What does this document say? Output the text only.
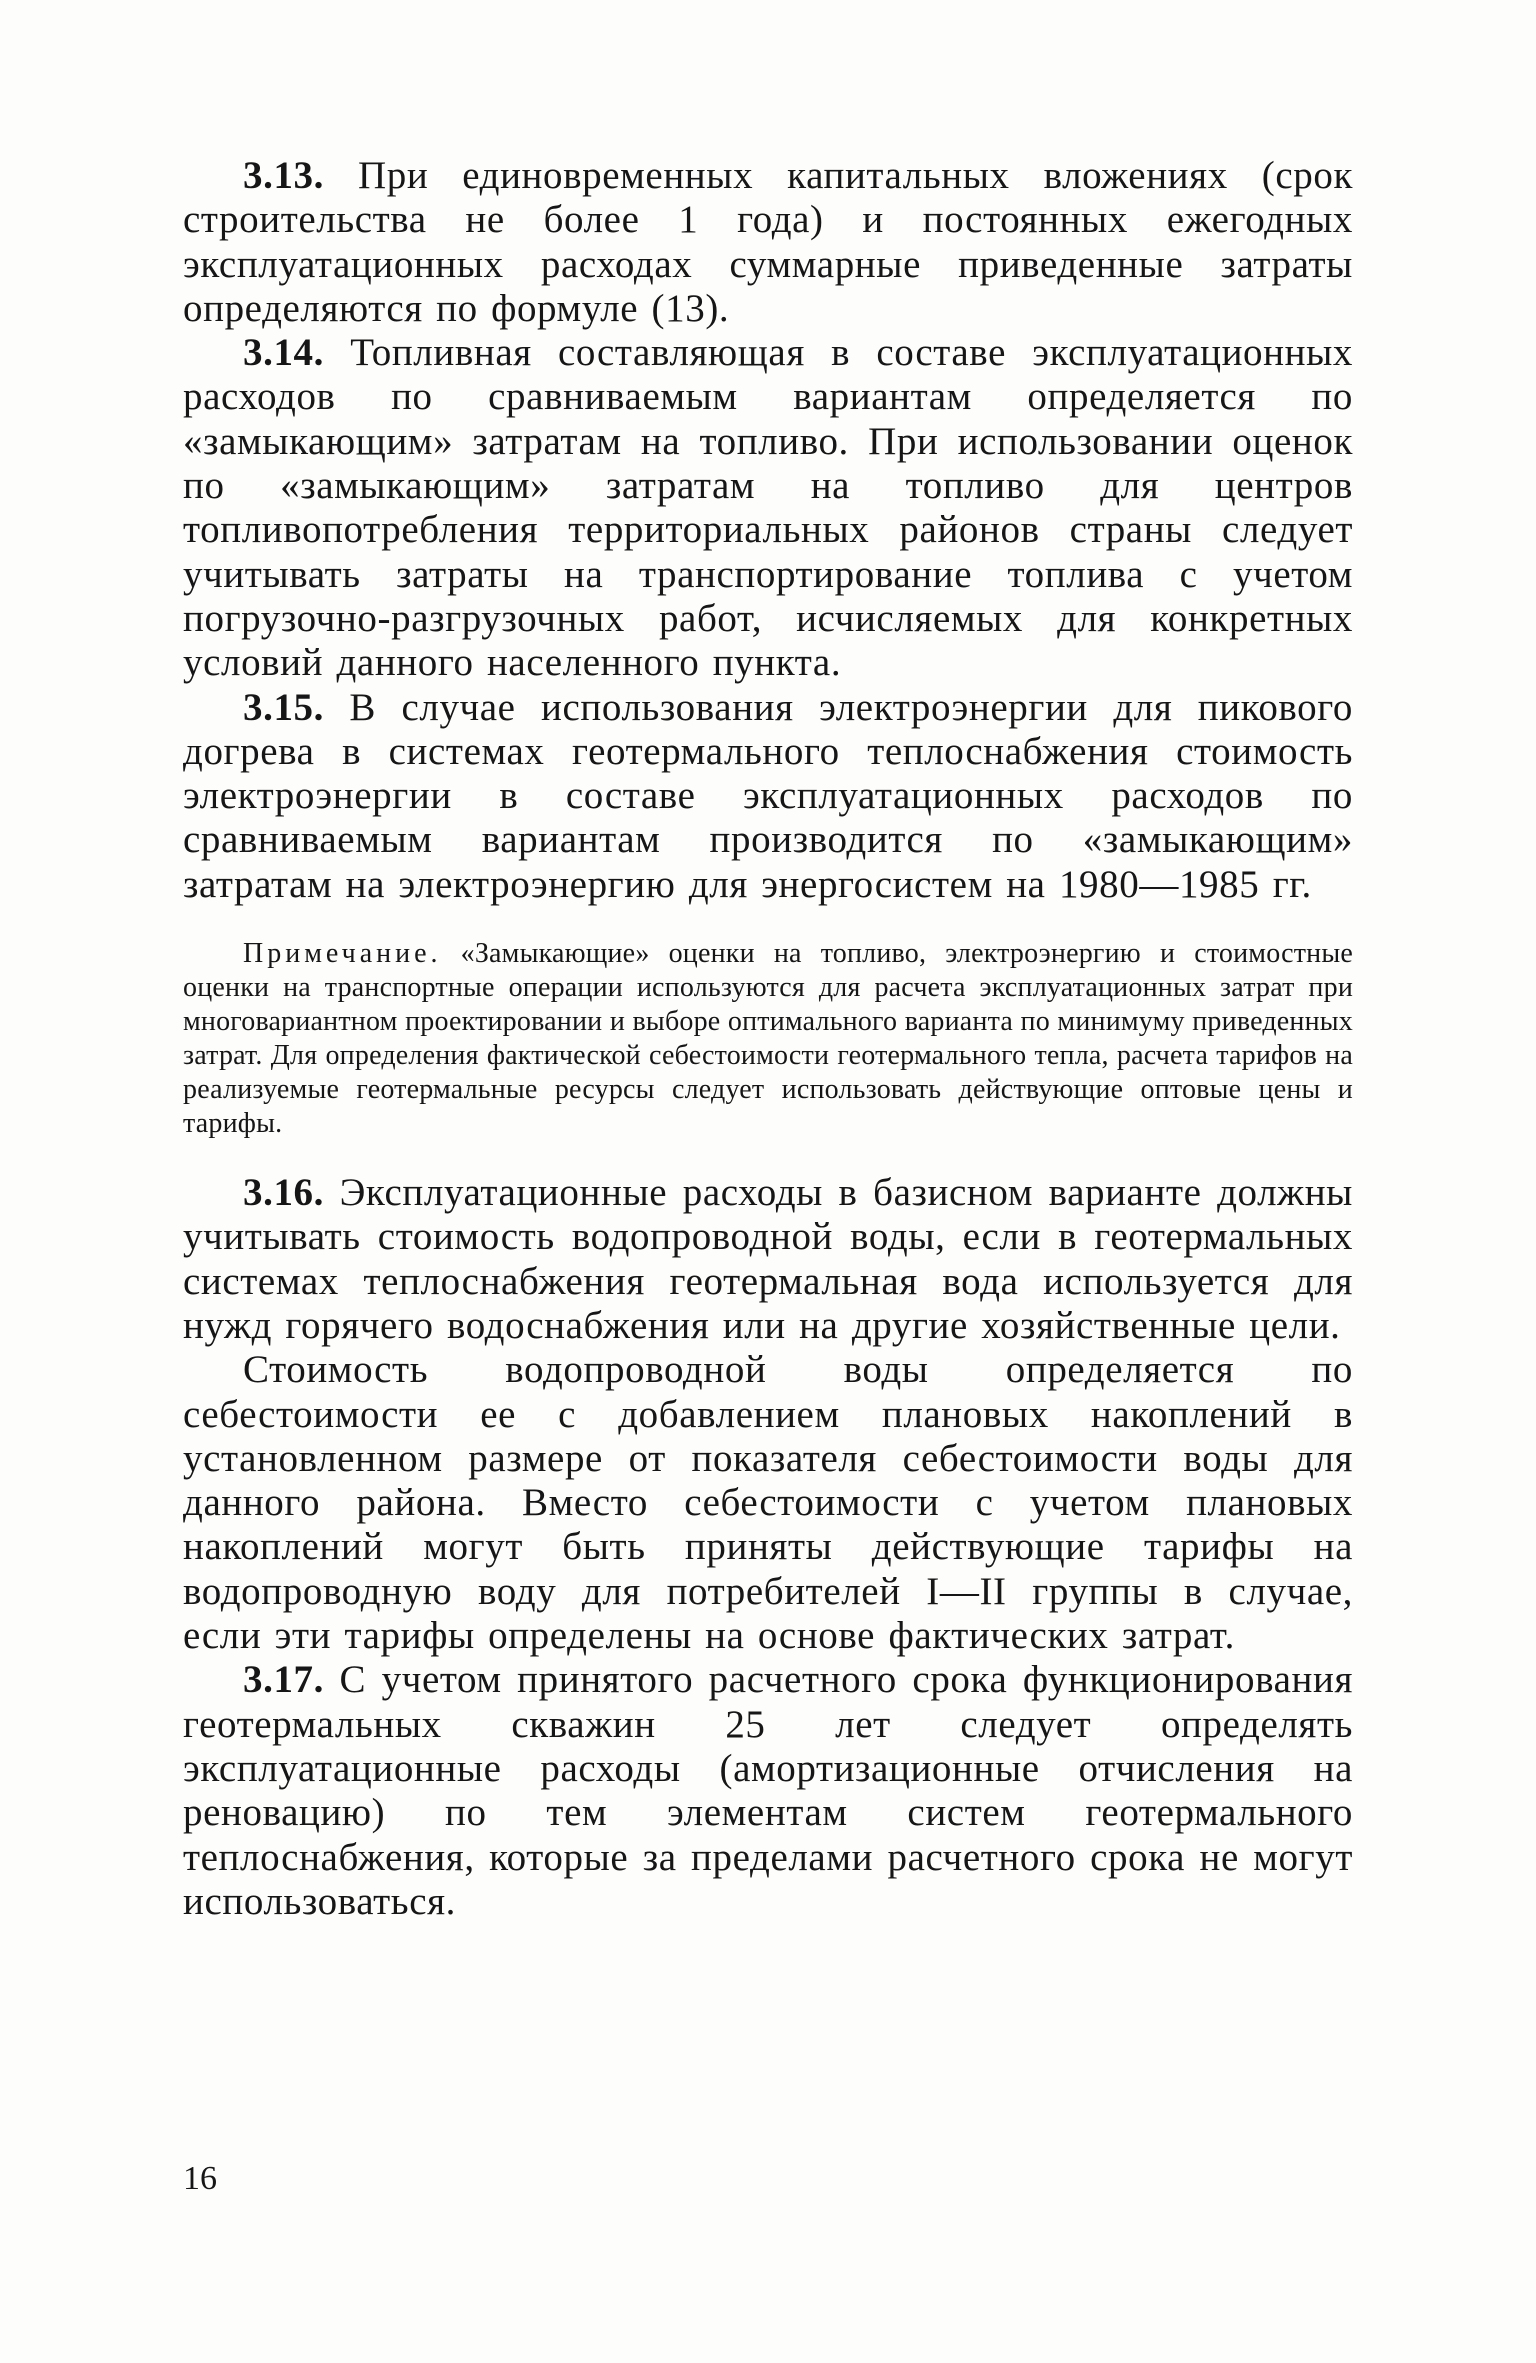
3.13. При единовременных капитальных вложениях (срок строительства не более 1 года) и постоянных ежегодных эксплуатационных расходах суммарные приведенные затраты определяются по формуле (13).

3.14. Топливная составляющая в составе эксплуатационных расходов по сравниваемым вариантам определяется по «замыкающим» затратам на топливо. При использовании оценок по «замыкающим» затратам на топливо для центров топливопотребления территориальных районов страны следует учитывать затраты на транспортирование топлива с учетом погрузочно-разгрузочных работ, исчисляемых для конкретных условий данного населенного пункта.

3.15. В случае использования электроэнергии для пикового догрева в системах геотермального теплоснабжения стоимость электроэнергии в составе эксплуатационных расходов по сравниваемым вариантам производится по «замыкающим» затратам на электроэнергию для энергосистем на 1980—1985 гг.

Примечание. «Замыкающие» оценки на топливо, электроэнергию и стоимостные оценки на транспортные операции используются для расчета эксплуатационных затрат при многовариантном проектировании и выборе оптимального варианта по минимуму приведенных затрат. Для определения фактической себестоимости геотермального тепла, расчета тарифов на реализуемые геотермальные ресурсы следует использовать действующие оптовые цены и тарифы.

3.16. Эксплуатационные расходы в базисном варианте должны учитывать стоимость водопроводной воды, если в геотермальных системах теплоснабжения геотермальная вода используется для нужд горячего водоснабжения или на другие хозяйственные цели.

Стоимость водопроводной воды определяется по себестоимости ее с добавлением плановых накоплений в установленном размере от показателя себестоимости воды для данного района. Вместо себестоимости с учетом плановых накоплений могут быть приняты действующие тарифы на водопроводную воду для потребителей I—II группы в случае, если эти тарифы определены на основе фактических затрат.

3.17. С учетом принятого расчетного срока функционирования геотермальных скважин 25 лет следует определять эксплуатационные расходы (амортизационные отчисления на реновацию) по тем элементам систем геотермального теплоснабжения, которые за пределами расчетного срока не могут использоваться.

16
